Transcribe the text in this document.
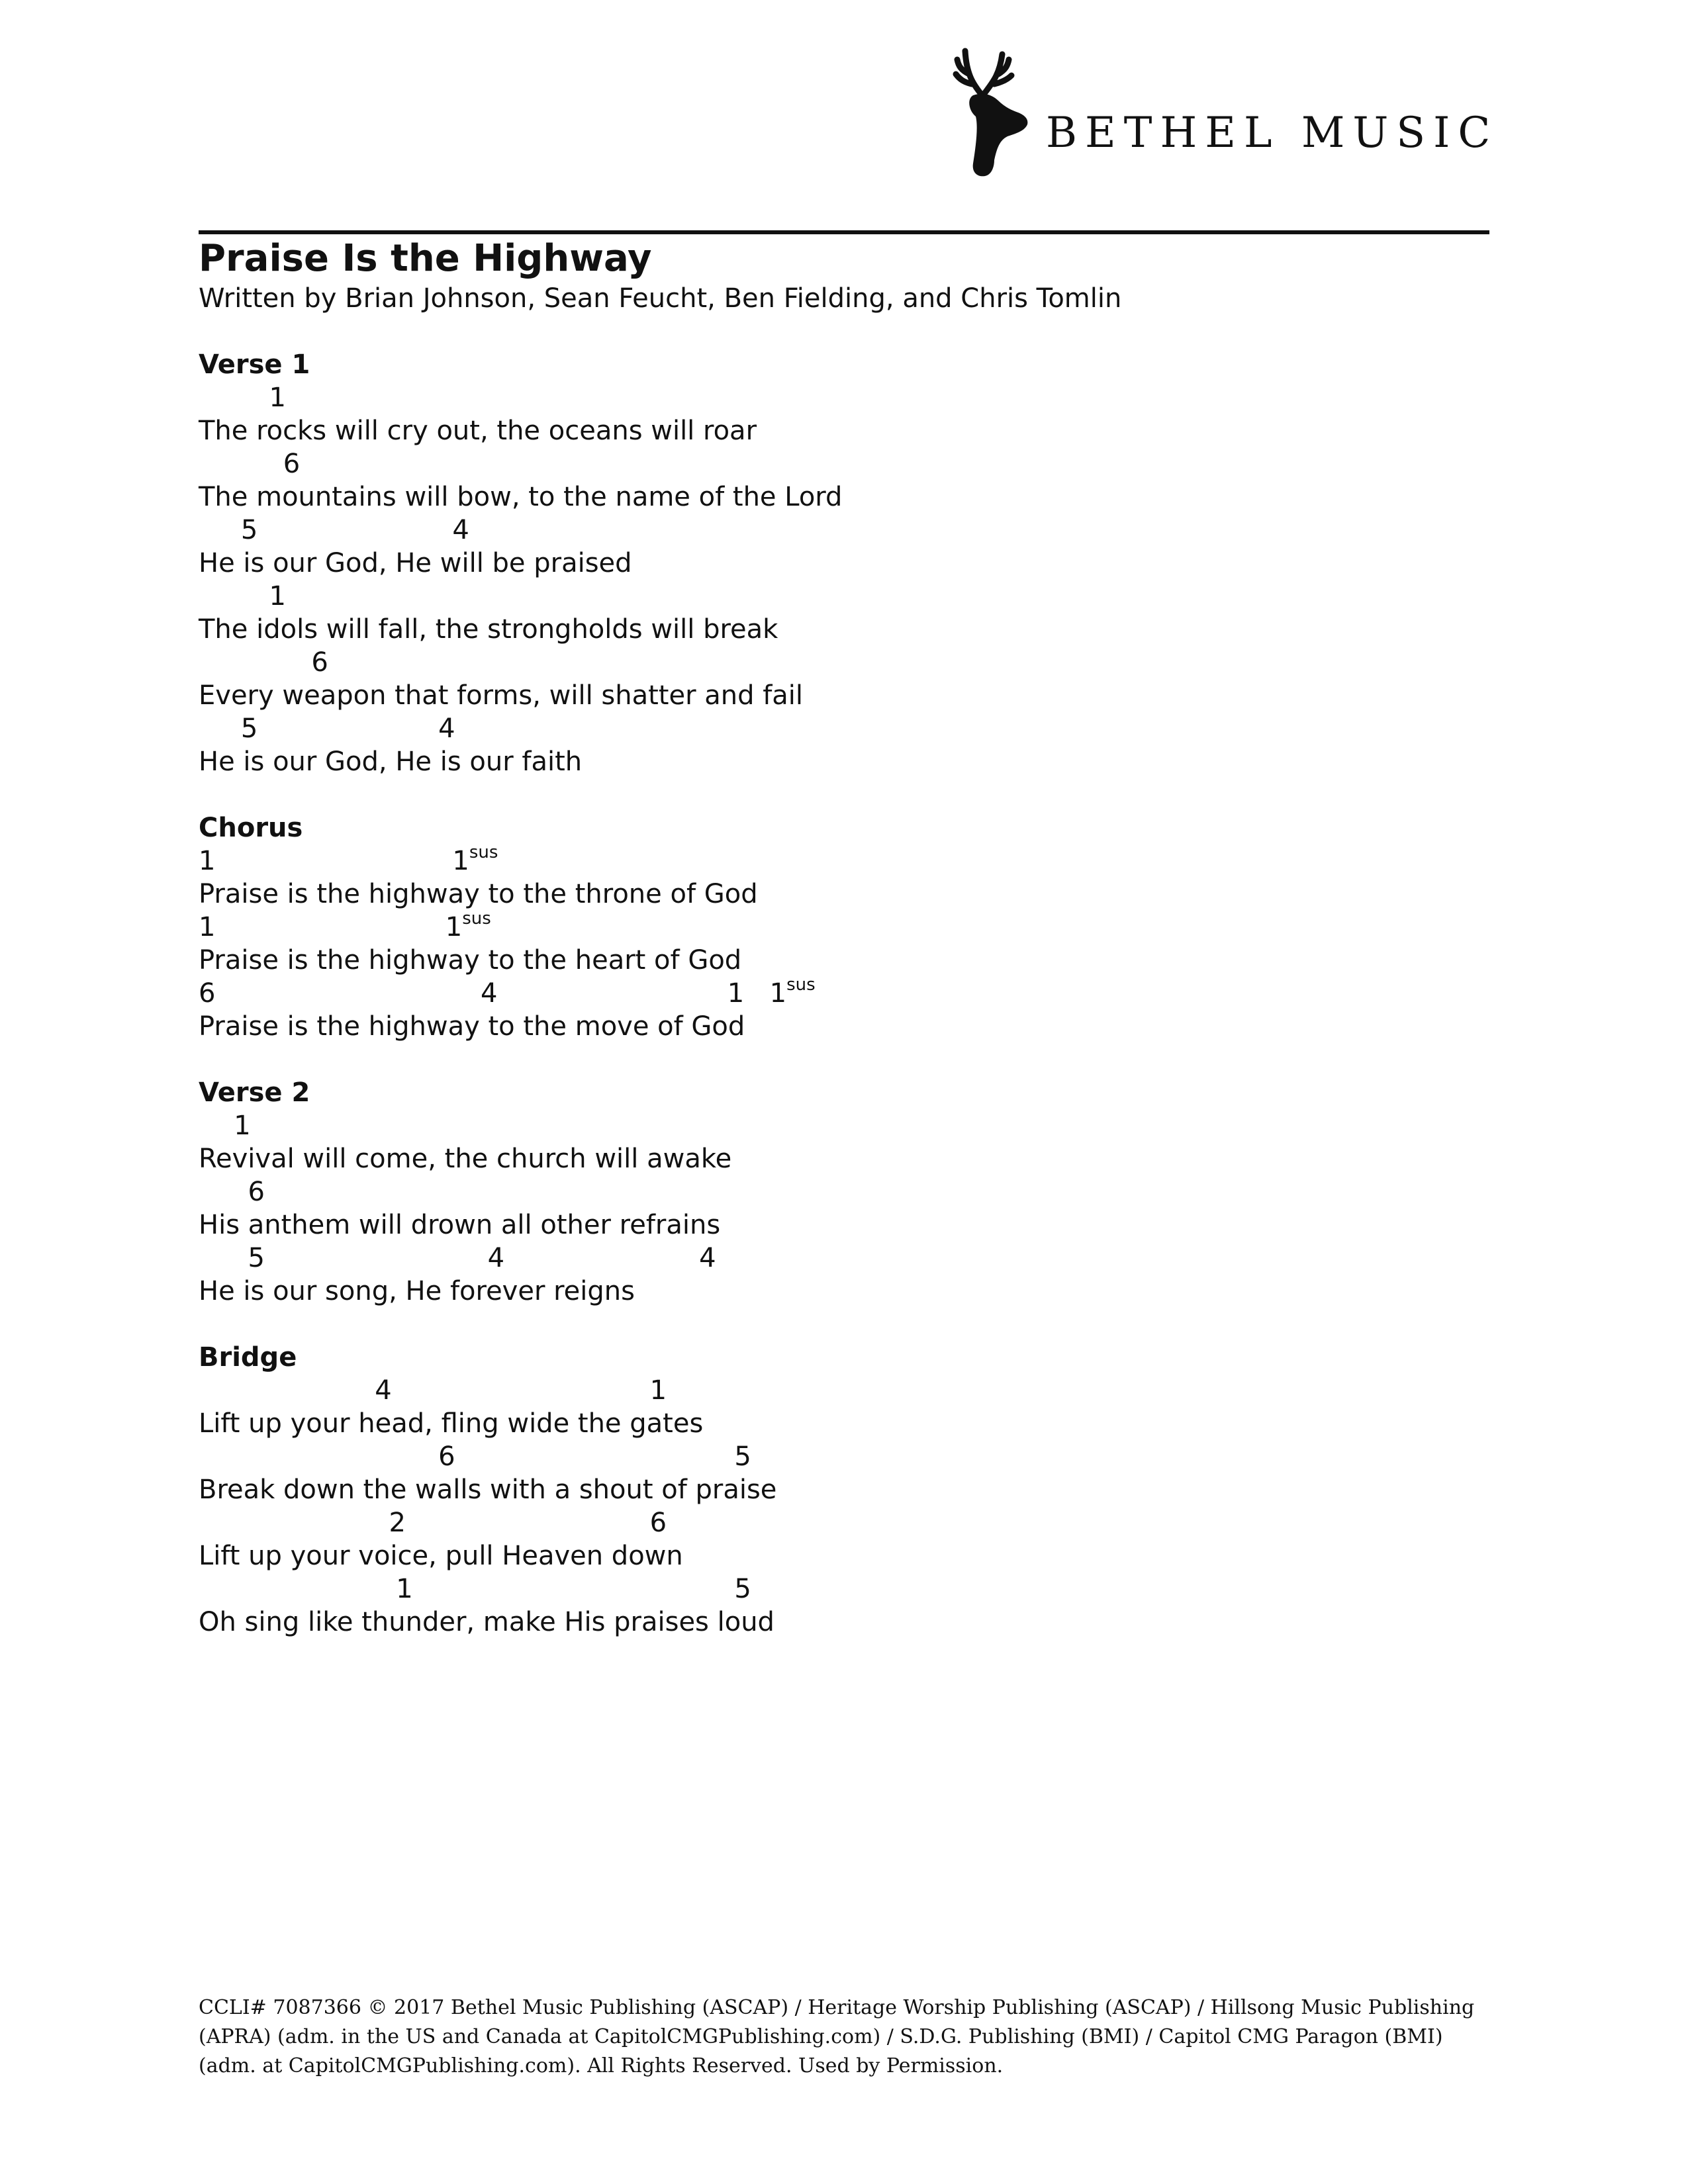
BETHEL MUSIC
Praise Is the Highway

Written by Brian Johnson, Sean Feucht, Ben Fielding, and Chris Tomlin

Verse 1
1
The rocks will cry out, the oceans will roar
6
The mountains will bow, to the name of the Lord
5	4
He is our God, He will be praised
1
The idols will fall, the strongholds will break
6
Every weapon that forms, will shatter and fail
5	4
He is our God, He is our faith
Chorus
1	$1^{sus}$
Praise is the highway to the throne of God
1	$1^{sus}$
Praise is the highway to the heart of God
6	4	1 $1^{sus}$
Praise is the highway to the move of God
Verse 2
1
Revival will come, the church will awake
6
His anthem will drown all other refrains
5	4	4
He is our song, He forever reigns
Bridge
4	1
Lift up your head, fling wide the gates
6	5
Break down the walls with a shout of praise
2	6
Lift up your voice, pull Heaven down
1	5
Oh sing like thunder, make His praises loud
CCLI# 7087366 © 2017 Bethel Music Publishing (ASCAP) / Heritage Worship Publishing (ASCAP) / Hillsong Music Publishing (APRA) (adm. in the US and Canada at CapitolCMGPublishing.com) / S.D.G. Publishing (BMI) / Capitol CMG Paragon (BMI) (adm. at CapitolCMGPublishing.com). All Rights Reserved. Used by Permission.
